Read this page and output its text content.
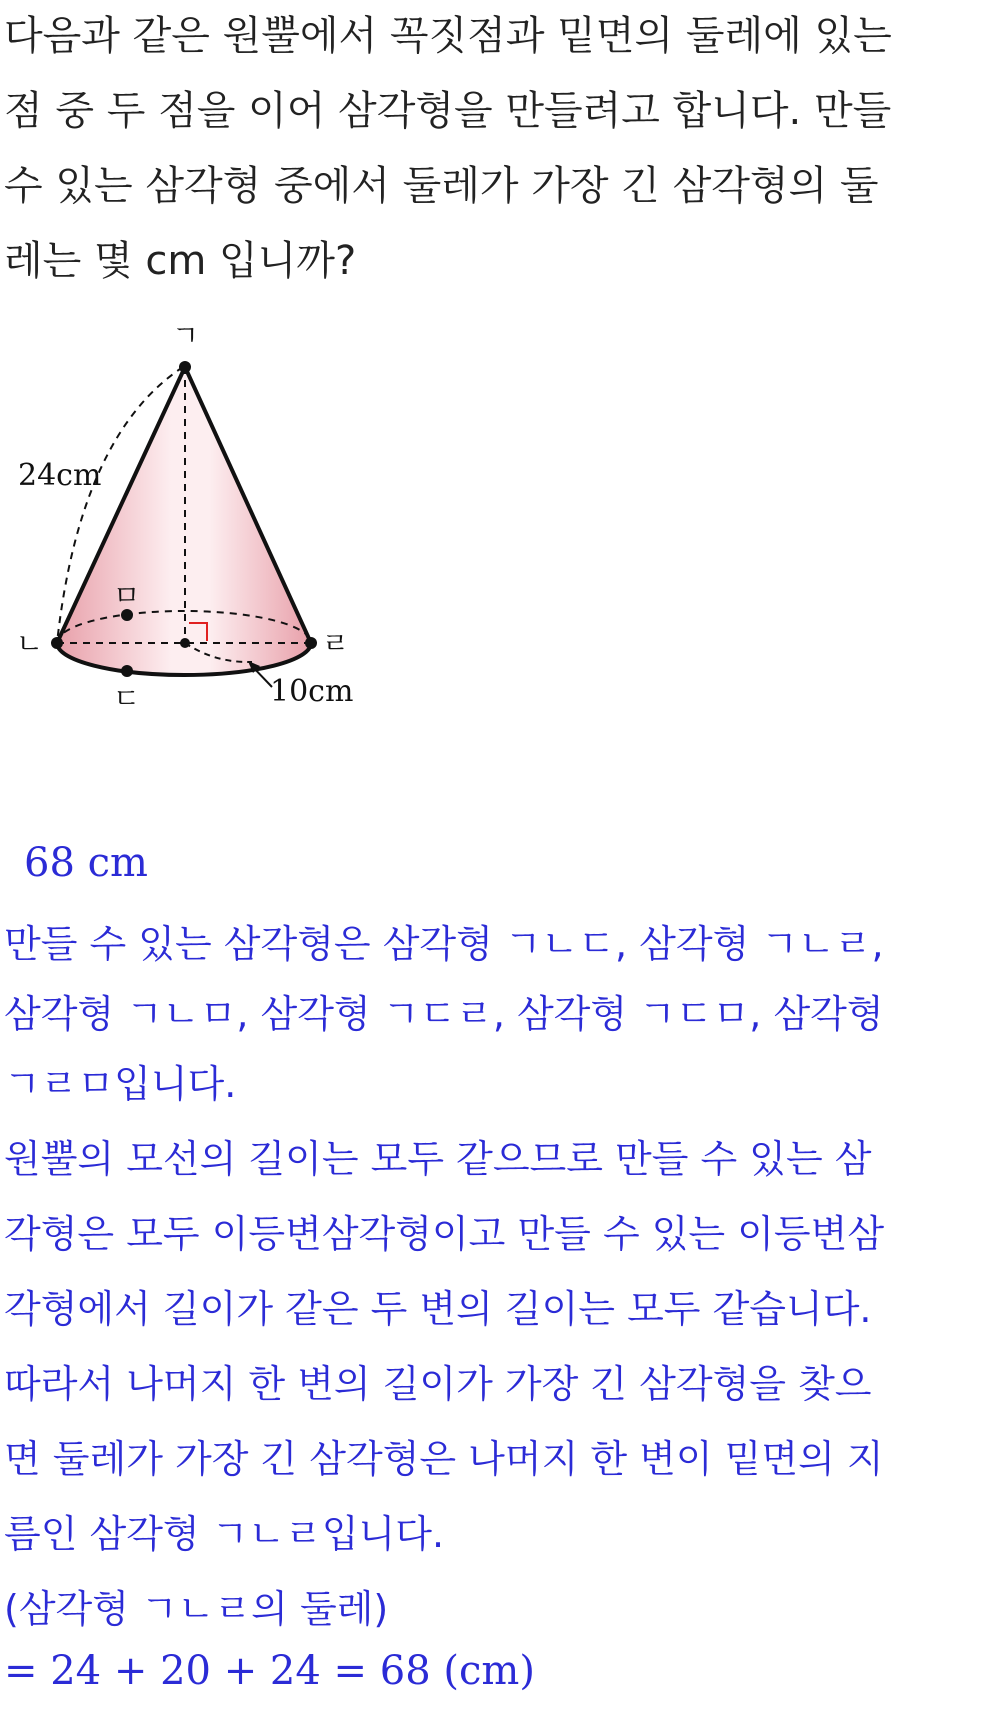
다음과 같은 원뿔에서 꼭짓점과 밑면의 둘레에 있는
점 중 두 점을 이어 삼각형을 만들려고 합니다. 만들
수 있는 삼각형 중에서 둘레가 가장 긴 삼각형의 둘
레는 몇 cm 입니까?
ㄱ
ㄴ	ㄹ
ㄷ
ㅁ
24cm
10cm
68 cm
만들 수 있는 삼각형은 삼각형 ㄱㄴㄷ, 삼각형 ㄱㄴㄹ,
삼각형 ㄱㄴㅁ, 삼각형 ㄱㄷㄹ, 삼각형 ㄱㄷㅁ, 삼각형
ㄱㄹㅁ입니다.
원뿔의 모선의 길이는 모두 같으므로 만들 수 있는 삼
각형은 모두 이등변삼각형이고 만들 수 있는 이등변삼
각형에서 길이가 같은 두 변의 길이는 모두 같습니다.
따라서 나머지 한 변의 길이가 가장 긴 삼각형을 찾으
면 둘레가 가장 긴 삼각형은 나머지 한 변이 밑면의 지
름인 삼각형 ㄱㄴㄹ입니다.
(삼각형 ㄱㄴㄹ의 둘레)
= 24 + 20 + 24 = 68 (cm)
